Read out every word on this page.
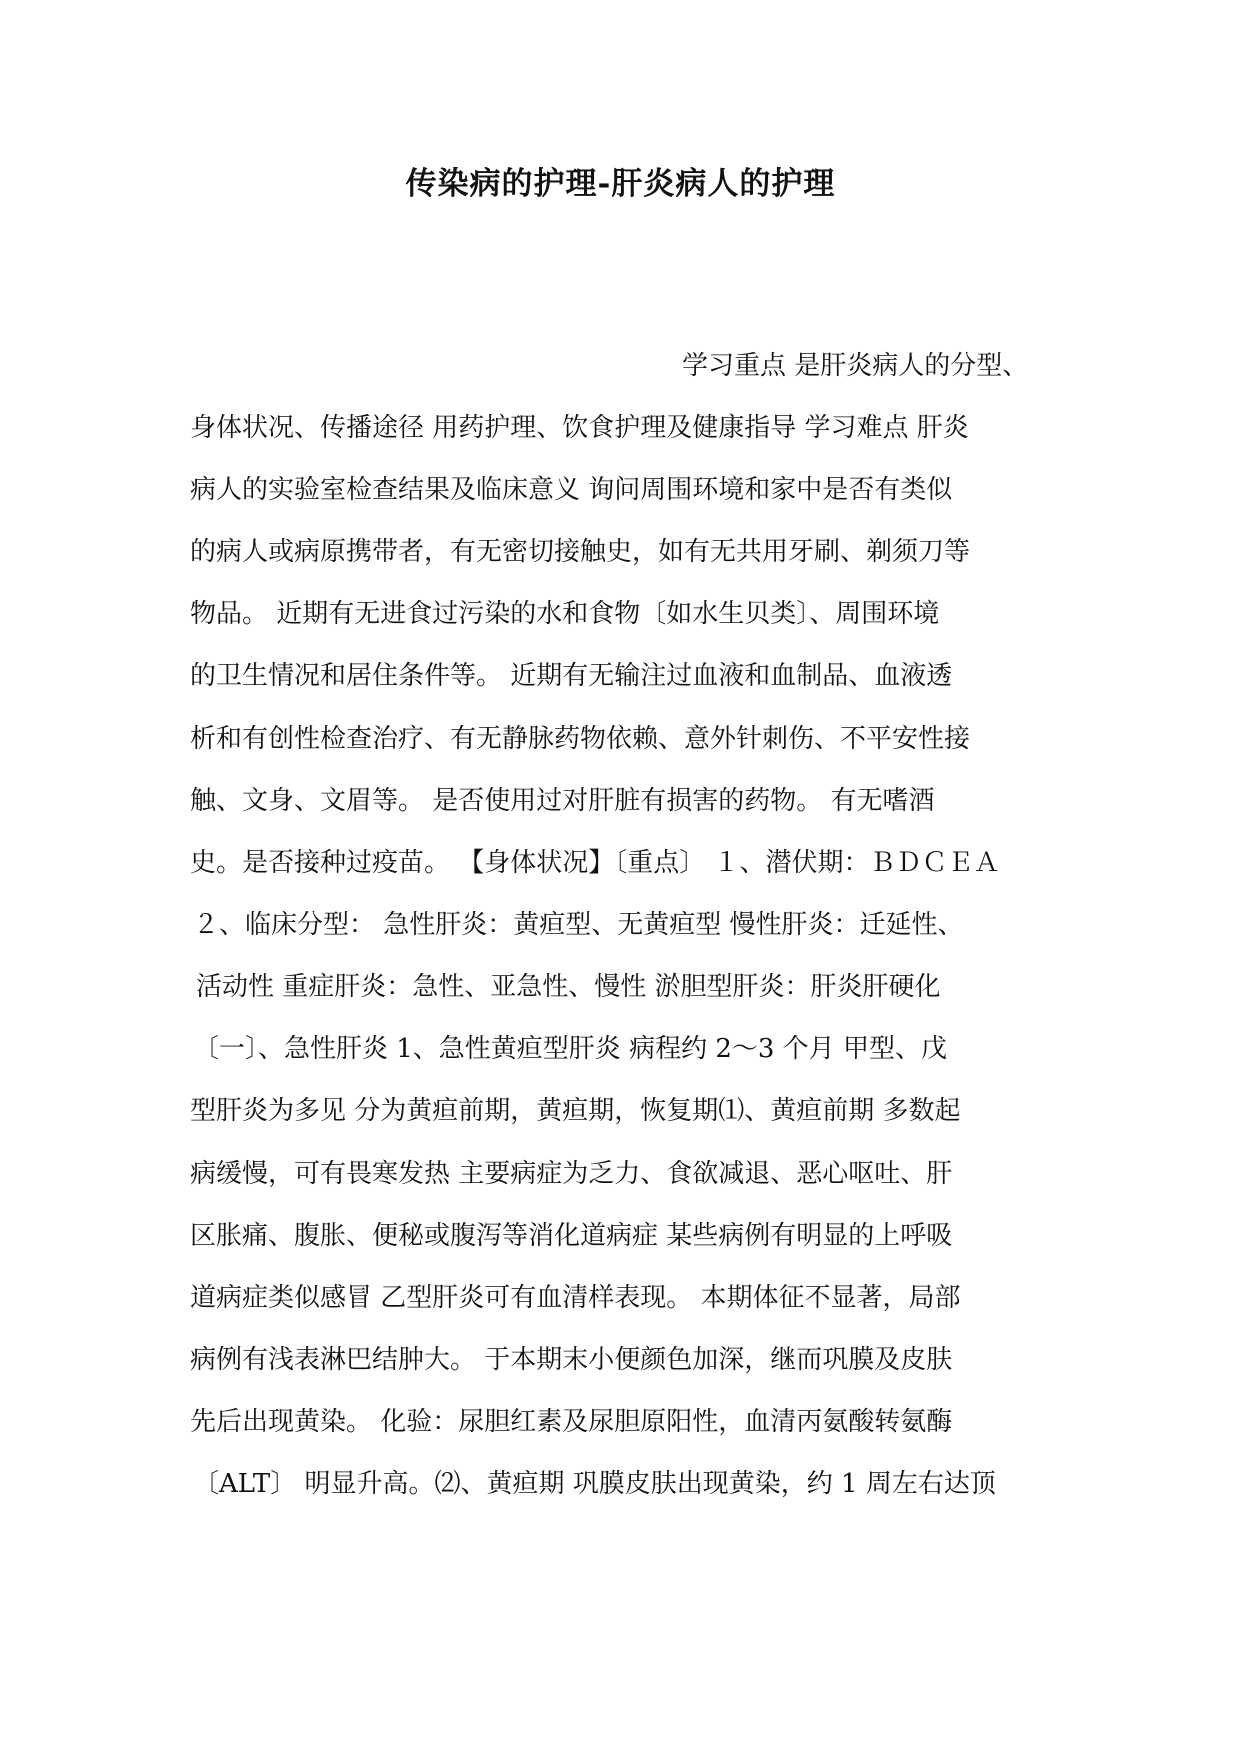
传染病的护理-肝炎病人的护理
学习重点 是肝炎病人的分型、
身体状况、传播途径 用药护理、饮食护理及健康指导 学习难点 肝炎
病人的实验室检查结果及临床意义 询问周围环境和家中是否有类似
的病人或病原携带者，有无密切接触史，如有无共用牙刷、剃须刀等
物品。 近期有无进食过污染的水和食物〔如水生贝类〕、周围环境
的卫生情况和居住条件等。 近期有无输注过血液和血制品、血液透
析和有创性检查治疗、有无静脉药物依赖、意外针刺伤、不平安性接
触、文身、文眉等。 是否使用过对肝脏有损害的药物。 有无嗜酒
史。是否接种过疫苗。 【身体状况】〔重点〕 １、潜伏期：ＢＤＣＥＡ
２、临床分型： 急性肝炎：黄疸型、无黄疸型 慢性肝炎：迁延性、
活动性 重症肝炎：急性、亚急性、慢性 淤胆型肝炎：肝炎肝硬化
〔一〕、急性肝炎 1、急性黄疸型肝炎 病程约 2～3 个月 甲型、戊
型肝炎为多见 分为黄疸前期，黄疸期，恢复期⑴、黄疸前期 多数起
病缓慢，可有畏寒发热 主要病症为乏力、食欲减退、恶心呕吐、肝
区胀痛、腹胀、便秘或腹泻等消化道病症 某些病例有明显的上呼吸
道病症类似感冒 乙型肝炎可有血清样表现。 本期体征不显著，局部
病例有浅表淋巴结肿大。 于本期末小便颜色加深，继而巩膜及皮肤
先后出现黄染。 化验：尿胆红素及尿胆原阳性，血清丙氨酸转氨酶
〔ALT〕 明显升高。⑵、黄疸期 巩膜皮肤出现黄染，约 1 周左右达顶
